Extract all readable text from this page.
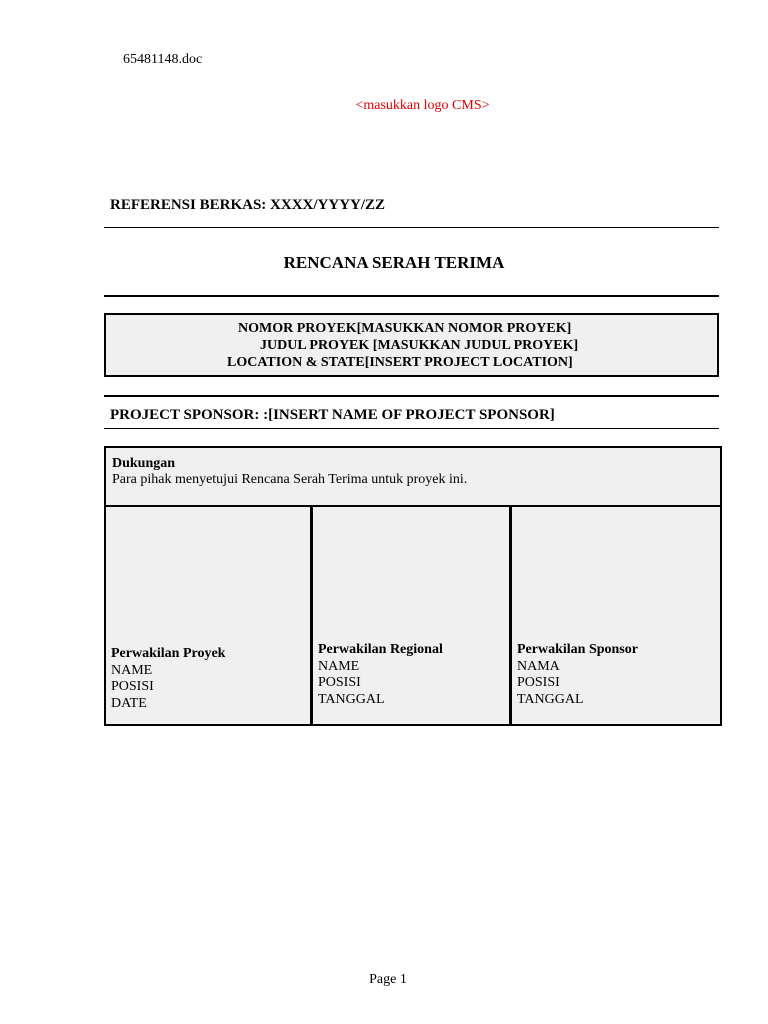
65481148.doc
<masukkan logo CMS>
REFERENSI BERKAS: XXXX/YYYY/ZZ
RENCANA SERAH TERIMA
NOMOR PROYEK[MASUKKAN NOMOR PROYEK]
JUDUL PROYEK [MASUKKAN JUDUL PROYEK]
LOCATION & STATE[INSERT PROJECT LOCATION]
PROJECT SPONSOR: :[INSERT NAME OF PROJECT SPONSOR]
Dukungan
Para pihak menyetujui Rencana Serah Terima untuk proyek ini.
Perwakilan Proyek
NAME
POSISI
DATE
Perwakilan Regional
NAME
POSISI
TANGGAL
Perwakilan Sponsor
NAMA
POSISI
TANGGAL
Page 1
